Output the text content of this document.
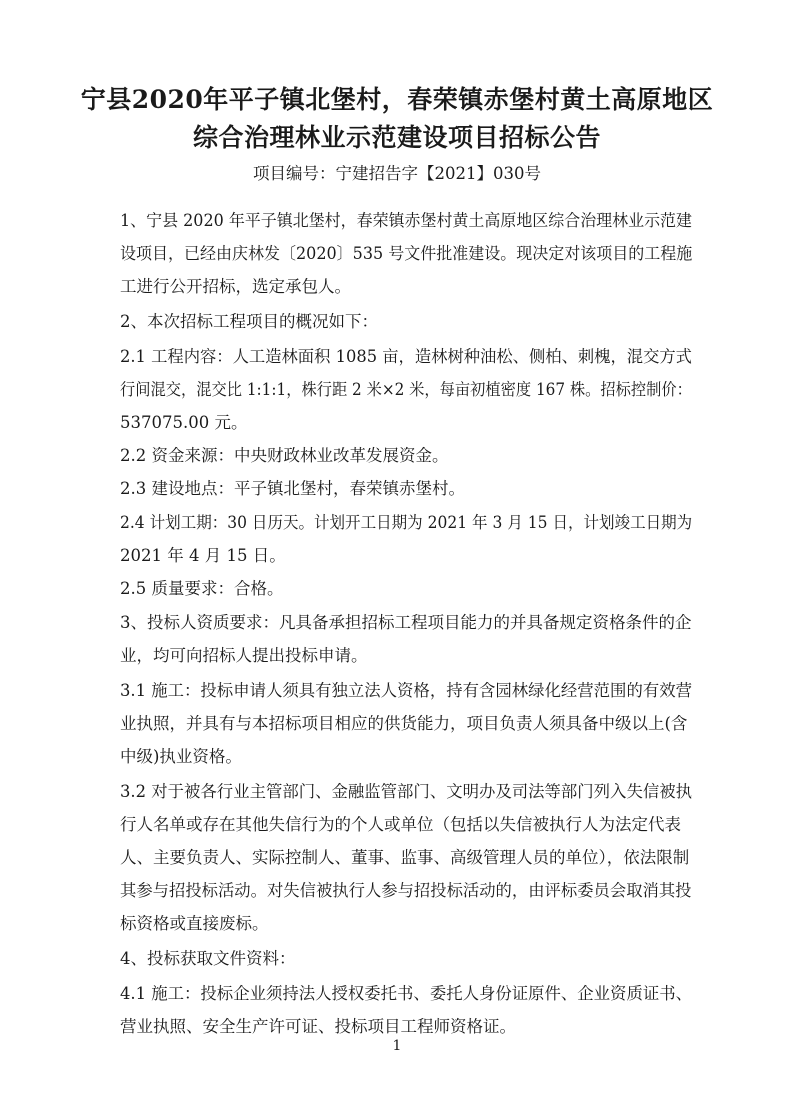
宁县2020年平子镇北堡村，春荣镇赤堡村黄土高原地区
综合治理林业示范建设项目招标公告
项目编号：宁建招告字【2021】030号
1、宁县 2020 年平子镇北堡村，春荣镇赤堡村黄土高原地区综合治理林业示范建
设项目，已经由庆林发〔2020〕535 号文件批准建设。现决定对该项目的工程施
工进行公开招标，选定承包人。
2、本次招标工程项目的概况如下：
2.1 工程内容：人工造林面积 1085 亩，造林树种油松、侧柏、刺槐，混交方式
行间混交，混交比 1:1:1，株行距 2 米×2 米，每亩初植密度 167 株。招标控制价：
537075.00 元。
2.2 资金来源：中央财政林业改革发展资金。
2.3 建设地点：平子镇北堡村，春荣镇赤堡村。
2.4 计划工期：30 日历天。计划开工日期为 2021 年 3 月 15 日，计划竣工日期为
2021 年 4 月 15 日。
2.5 质量要求：合格。
3、投标人资质要求：凡具备承担招标工程项目能力的并具备规定资格条件的企
业，均可向招标人提出投标申请。
3.1 施工：投标申请人须具有独立法人资格，持有含园林绿化经营范围的有效营
业执照，并具有与本招标项目相应的供货能力，项目负责人须具备中级以上(含
中级)执业资格。
3.2 对于被各行业主管部门、金融监管部门、文明办及司法等部门列入失信被执
行人名单或存在其他失信行为的个人或单位（包括以失信被执行人为法定代表
人、主要负责人、实际控制人、董事、监事、高级管理人员的单位），依法限制
其参与招投标活动。对失信被执行人参与招投标活动的，由评标委员会取消其投
标资格或直接废标。
4、投标获取文件资料：
4.1 施工：投标企业须持法人授权委托书、委托人身份证原件、企业资质证书、
营业执照、安全生产许可证、投标项目工程师资格证。
1
